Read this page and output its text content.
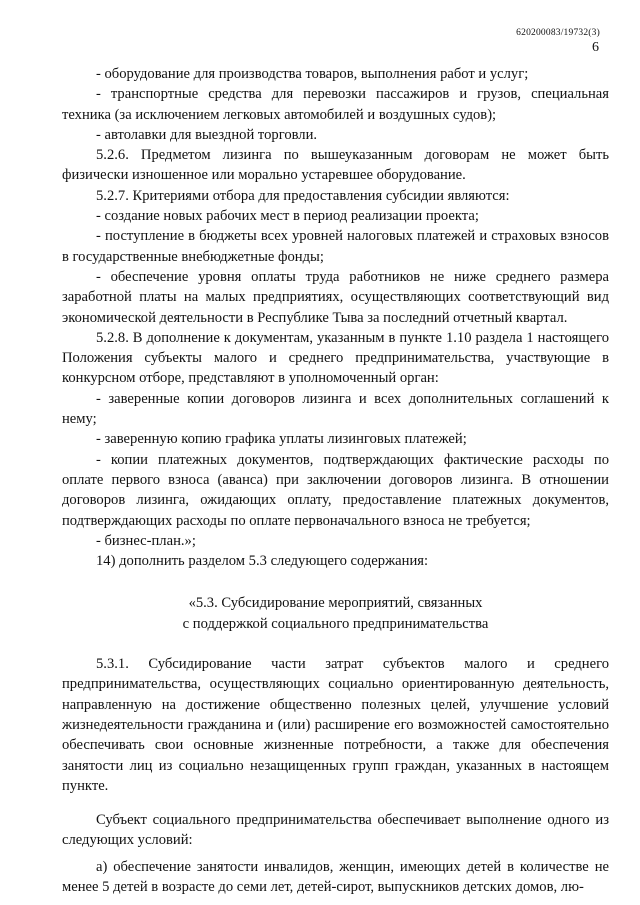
620200083/19732(3)
6

- оборудование для производства товаров, выполнения работ и услуг;

- транспортные средства для перевозки пассажиров и грузов, специальная техника (за исключением легковых автомобилей и воздушных судов);

- автолавки для выездной торговли.

5.2.6. Предметом лизинга по вышеуказанным договорам не может быть физически изношенное или морально устаревшее оборудование.

5.2.7. Критериями отбора для предоставления субсидии являются:

- создание новых рабочих мест в период реализации проекта;

- поступление в бюджеты всех уровней налоговых платежей и страховых взносов в государственные внебюджетные фонды;

- обеспечение уровня оплаты труда работников не ниже среднего размера заработной платы на малых предприятиях, осуществляющих соответствующий вид экономической деятельности в Республике Тыва за последний отчетный квартал.

5.2.8. В дополнение к документам, указанным в пункте 1.10 раздела 1 настоящего Положения субъекты малого и среднего предпринимательства, участвующие в конкурсном отборе, представляют в уполномоченный орган:

- заверенные копии договоров лизинга и всех дополнительных соглашений к нему;

- заверенную копию графика уплаты лизинговых платежей;

- копии платежных документов, подтверждающих фактические расходы по оплате первого взноса (аванса) при заключении договоров лизинга. В отношении договоров лизинга, ожидающих оплату, предоставление платежных документов, подтверждающих расходы по оплате первоначального взноса не требуется;

- бизнес-план.»;

14) дополнить разделом 5.3 следующего содержания:

«5.3. Субсидирование мероприятий, связанных
с поддержкой социального предпринимательства

5.3.1. Субсидирование части затрат субъектов малого и среднего предпринимательства, осуществляющих социально ориентированную деятельность, направленную на достижение общественно полезных целей, улучшение условий жизнедеятельности гражданина и (или) расширение его возможностей самостоятельно обеспечивать свои основные жизненные потребности, а также для обеспечения занятости лиц из социально незащищенных групп граждан, указанных в настоящем пункте.

Субъект социального предпринимательства обеспечивает выполнение одного из следующих условий:

а) обеспечение занятости инвалидов, женщин, имеющих детей в количестве не менее 5 детей в возрасте до семи лет, детей-сирот, выпускников детских домов, лю-
